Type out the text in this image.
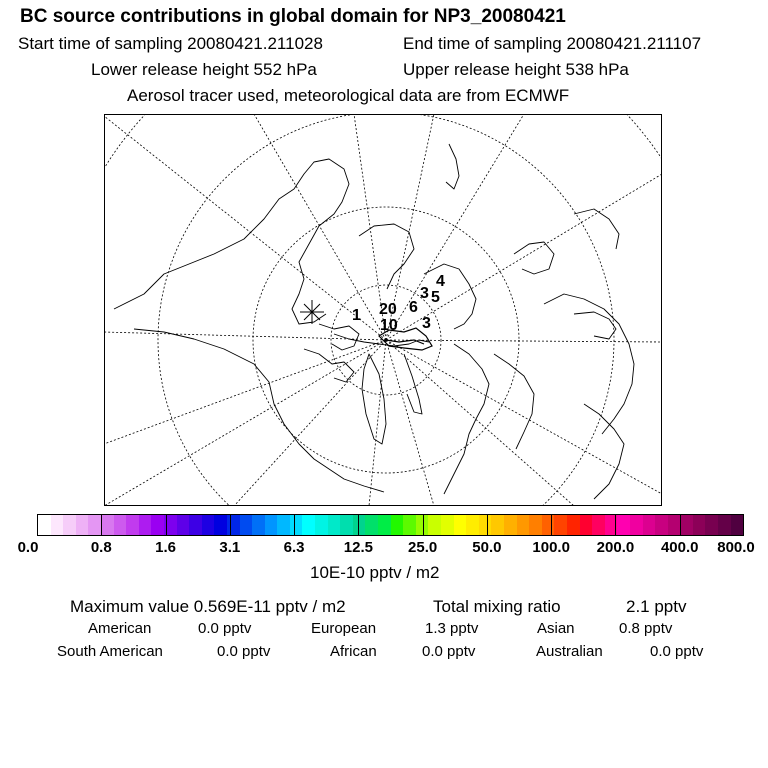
BC source contributions in global domain for NP3_20080421
Start time of sampling 20080421.211028	End time of sampling 20080421.211107
Lower release height 552 hPa	Upper release height 538 hPa
Aerosol tracer used, meteorological data are from ECMWF
1 20 6
3 5
4
10 3
0.0	0.8	1.6	3.1	6.3	12.5 25.0 50.0 100.0 200.0 400.0 800.0
10E-10 pptv / m2
Maximum value 0.569E-11 pptv / m2	Total mixing ratio	2.1 pptv
American	0.0 pptv	European	1.3 pptv	Asian	0.8 pptv
South American	0.0 pptv	African	0.0 pptv	Australian	0.0 pptv
